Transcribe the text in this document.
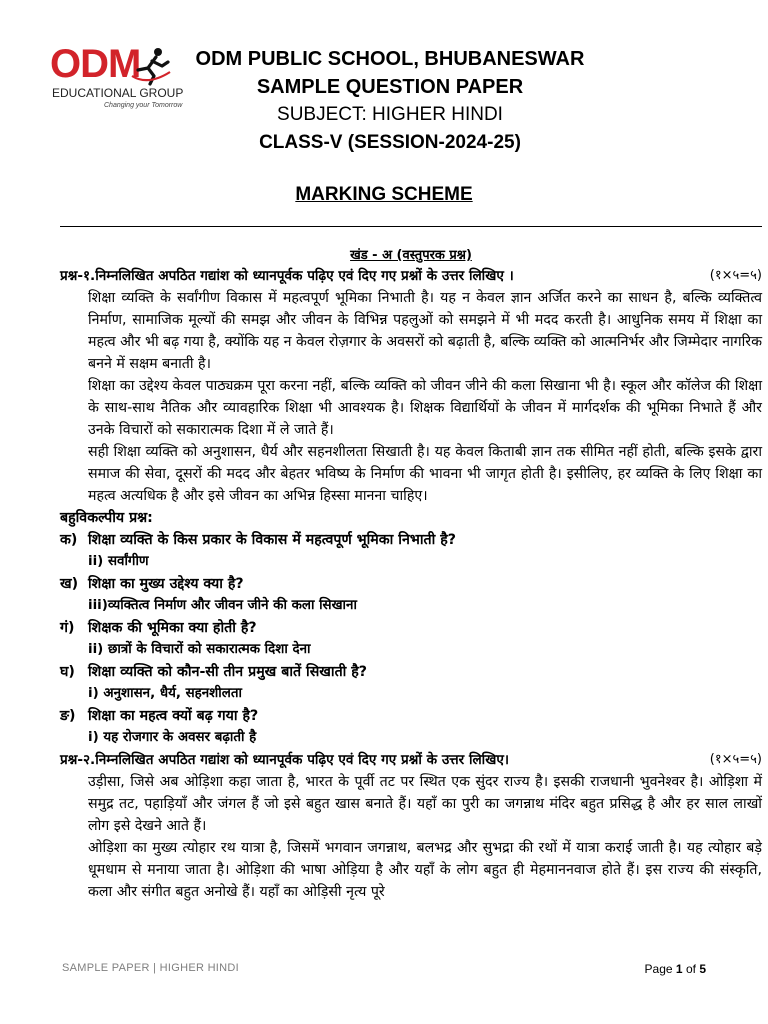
ODM
EDUCATIONAL GROUP
Changing your Tomorrow
ODM PUBLIC SCHOOL, BHUBANESWAR
SAMPLE QUESTION PAPER
SUBJECT: HIGHER HINDI
CLASS-V (SESSION-2024-25)
MARKING SCHEME
खंड - अ (वस्तुपरक प्रश्न)
प्रश्न-१.निम्नलिखित अपठित गद्यांश को ध्यानपूर्वक पढ़िए एवं दिए गए प्रश्नों के उत्तर लिखिए ।	(१×५=५)

शिक्षा व्यक्ति के सर्वांगीण विकास में महत्वपूर्ण भूमिका निभाती है। यह न केवल ज्ञान अर्जित करने का साधन है, बल्कि व्यक्तित्व निर्माण, सामाजिक मूल्यों की समझ और जीवन के विभिन्न पहलुओं को समझने में भी मदद करती है। आधुनिक समय में शिक्षा का महत्व और भी बढ़ गया है, क्योंकि यह न केवल रोज़गार के अवसरों को बढ़ाती है, बल्कि व्यक्ति को आत्मनिर्भर और जिम्मेदार नागरिक बनने में सक्षम बनाती है।

शिक्षा का उद्देश्य केवल पाठ्यक्रम पूरा करना नहीं, बल्कि व्यक्ति को जीवन जीने की कला सिखाना भी है। स्कूल और कॉलेज की शिक्षा के साथ-साथ नैतिक और व्यावहारिक शिक्षा भी आवश्यक है। शिक्षक विद्यार्थियों के जीवन में मार्गदर्शक की भूमिका निभाते हैं और उनके विचारों को सकारात्मक दिशा में ले जाते हैं।

सही शिक्षा व्यक्ति को अनुशासन, धैर्य और सहनशीलता सिखाती है। यह केवल किताबी ज्ञान तक सीमित नहीं होती, बल्कि इसके द्वारा समाज की सेवा, दूसरों की मदद और बेहतर भविष्य के निर्माण की भावना भी जागृत होती है। इसीलिए, हर व्यक्ति के लिए शिक्षा का महत्व अत्यधिक है और इसे जीवन का अभिन्न हिस्सा मानना चाहिए।

बहुविकल्पीय प्रश्न:
क) शिक्षा व्यक्ति के किस प्रकार के विकास में महत्वपूर्ण भूमिका निभाती है?
ii) सर्वांगीण
ख) शिक्षा का मुख्य उद्देश्य क्या है?
iii)व्यक्तित्व निर्माण और जीवन जीने की कला सिखाना
गं) शिक्षक की भूमिका क्या होती है?
ii) छात्रों के विचारों को सकारात्मक दिशा देना
घ) शिक्षा व्यक्ति को कौन-सी तीन प्रमुख बातें सिखाती है?
i) अनुशासन, धैर्य, सहनशीलता
ङ) शिक्षा का महत्व क्यों बढ़ गया है?
i) यह रोजगार के अवसर बढ़ाती है
प्रश्न-२.निम्नलिखित अपठित गद्यांश को ध्यानपूर्वक पढ़िए एवं दिए गए प्रश्नों के उत्तर लिखिए।	(१×५=५)

उड़ीसा, जिसे अब ओड़िशा कहा जाता है, भारत के पूर्वी तट पर स्थित एक सुंदर राज्य है। इसकी राजधानी भुवनेश्वर है। ओड़िशा में समुद्र तट, पहाड़ियाँ और जंगल हैं जो इसे बहुत खास बनाते हैं। यहाँ का पुरी का जगन्नाथ मंदिर बहुत प्रसिद्ध है और हर साल लाखों लोग इसे देखने आते हैं।

ओड़िशा का मुख्य त्योहार रथ यात्रा है, जिसमें भगवान जगन्नाथ, बलभद्र और सुभद्रा की रथों में यात्रा कराई जाती है। यह त्योहार बड़े धूमधाम से मनाया जाता है। ओड़िशा की भाषा ओड़िया है और यहाँ के लोग बहुत ही मेहमाननवाज होते हैं। इस राज्य की संस्कृति, कला और संगीत बहुत अनोखे हैं। यहाँ का ओड़िसी नृत्य पूरे

SAMPLE PAPER | HIGHER HINDI	Page 1 of 5
